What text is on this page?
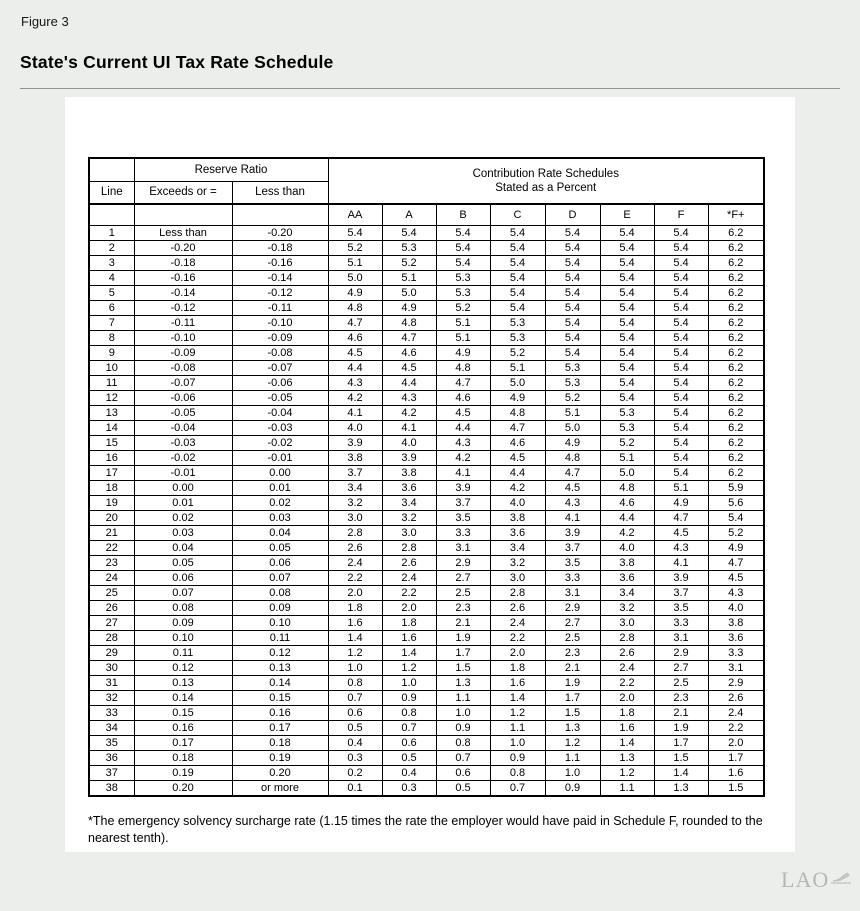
Figure 3
State's Current UI Tax Rate Schedule
	Reserve Ratio		Contribution Rate Schedules
Stated as a Percent							

Line	Exceeds or =	Less than								
			AA	A	B	C	D	E	F	*F+
1	Less than	-0.20	5.4	5.4	5.4	5.4	5.4	5.4	5.4	6.2
2	-0.20	-0.18	5.2	5.3	5.4	5.4	5.4	5.4	5.4	6.2
3	-0.18	-0.16	5.1	5.2	5.4	5.4	5.4	5.4	5.4	6.2
4	-0.16	-0.14	5.0	5.1	5.3	5.4	5.4	5.4	5.4	6.2
5	-0.14	-0.12	4.9	5.0	5.3	5.4	5.4	5.4	5.4	6.2
6	-0.12	-0.11	4.8	4.9	5.2	5.4	5.4	5.4	5.4	6.2
7	-0.11	-0.10	4.7	4.8	5.1	5.3	5.4	5.4	5.4	6.2
8	-0.10	-0.09	4.6	4.7	5.1	5.3	5.4	5.4	5.4	6.2
9	-0.09	-0.08	4.5	4.6	4.9	5.2	5.4	5.4	5.4	6.2
10	-0.08	-0.07	4.4	4.5	4.8	5.1	5.3	5.4	5.4	6.2
11	-0.07	-0.06	4.3	4.4	4.7	5.0	5.3	5.4	5.4	6.2
12	-0.06	-0.05	4.2	4.3	4.6	4.9	5.2	5.4	5.4	6.2
13	-0.05	-0.04	4.1	4.2	4.5	4.8	5.1	5.3	5.4	6.2
14	-0.04	-0.03	4.0	4.1	4.4	4.7	5.0	5.3	5.4	6.2
15	-0.03	-0.02	3.9	4.0	4.3	4.6	4.9	5.2	5.4	6.2
16	-0.02	-0.01	3.8	3.9	4.2	4.5	4.8	5.1	5.4	6.2
17	-0.01	0.00	3.7	3.8	4.1	4.4	4.7	5.0	5.4	6.2
18	0.00	0.01	3.4	3.6	3.9	4.2	4.5	4.8	5.1	5.9
19	0.01	0.02	3.2	3.4	3.7	4.0	4.3	4.6	4.9	5.6
20	0.02	0.03	3.0	3.2	3.5	3.8	4.1	4.4	4.7	5.4
21	0.03	0.04	2.8	3.0	3.3	3.6	3.9	4.2	4.5	5.2
22	0.04	0.05	2.6	2.8	3.1	3.4	3.7	4.0	4.3	4.9
23	0.05	0.06	2.4	2.6	2.9	3.2	3.5	3.8	4.1	4.7
24	0.06	0.07	2.2	2.4	2.7	3.0	3.3	3.6	3.9	4.5
25	0.07	0.08	2.0	2.2	2.5	2.8	3.1	3.4	3.7	4.3
26	0.08	0.09	1.8	2.0	2.3	2.6	2.9	3.2	3.5	4.0
27	0.09	0.10	1.6	1.8	2.1	2.4	2.7	3.0	3.3	3.8
28	0.10	0.11	1.4	1.6	1.9	2.2	2.5	2.8	3.1	3.6
29	0.11	0.12	1.2	1.4	1.7	2.0	2.3	2.6	2.9	3.3
30	0.12	0.13	1.0	1.2	1.5	1.8	2.1	2.4	2.7	3.1
31	0.13	0.14	0.8	1.0	1.3	1.6	1.9	2.2	2.5	2.9
32	0.14	0.15	0.7	0.9	1.1	1.4	1.7	2.0	2.3	2.6
33	0.15	0.16	0.6	0.8	1.0	1.2	1.5	1.8	2.1	2.4
34	0.16	0.17	0.5	0.7	0.9	1.1	1.3	1.6	1.9	2.2
35	0.17	0.18	0.4	0.6	0.8	1.0	1.2	1.4	1.7	2.0
36	0.18	0.19	0.3	0.5	0.7	0.9	1.1	1.3	1.5	1.7
37	0.19	0.20	0.2	0.4	0.6	0.8	1.0	1.2	1.4	1.6
38	0.20	or more	0.1	0.3	0.5	0.7	0.9	1.1	1.3	1.5
*The emergency solvency surcharge rate (1.15 times the rate the employer would have paid in Schedule F, rounded to the nearest tenth).
LAO
